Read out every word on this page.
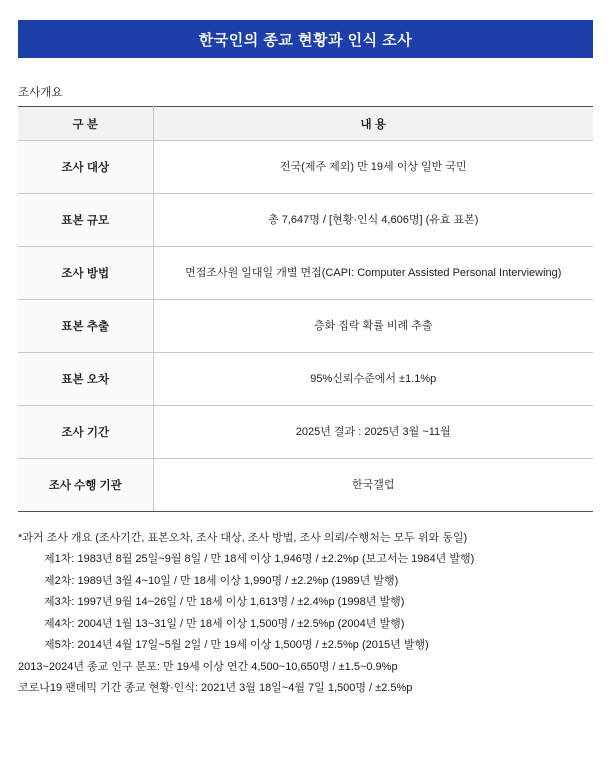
한국인의 종교 현황과 인식 조사
조사개요
구 분	내 용
조사 대상	전국(제주 제외) 만 19세 이상 일반 국민
표본 규모	총 7,647명 / [현황·인식 4,606명] (유효 표본)
조사 방법	면접조사원 일대일 개별 면접(CAPI: Computer Assisted Personal Interviewing)
표본 추출	층화 집락 확률 비례 추출
표본 오차	95%신뢰수준에서 ±1.1%p
조사 기간	2025년 결과 : 2025년 3월 ~11월
조사 수행 기관	한국갤럽
*과거 조사 개요 (조사기간, 표본오차, 조사 대상, 조사 방법, 조사 의뢰/수행처는 모두 위와 동일)
제1차: 1983년 8월 25일~9월 8일 / 만 18세 이상 1,946명 / ±2.2%p (보고서는 1984년 발행)
제2차: 1989년 3월 4~10일 / 만 18세 이상 1,990명 / ±2.2%p (1989년 발행)
제3차: 1997년 9월 14~26일 / 만 18세 이상 1,613명 / ±2.4%p (1998년 발행)
제4차: 2004년 1월 13~31일 / 만 18세 이상 1,500명 / ±2.5%p (2004년 발행)
제5차: 2014년 4월 17일~5월 2일 / 만 19세 이상 1,500명 / ±2.5%p (2015년 발행)
2013~2024년 종교 인구 분포: 만 19세 이상 연간 4,500~10,650명 / ±1.5~0.9%p
코로나19 팬데믹 기간 종교 현황·인식: 2021년 3월 18일~4월 7일 1,500명 / ±2.5%p
